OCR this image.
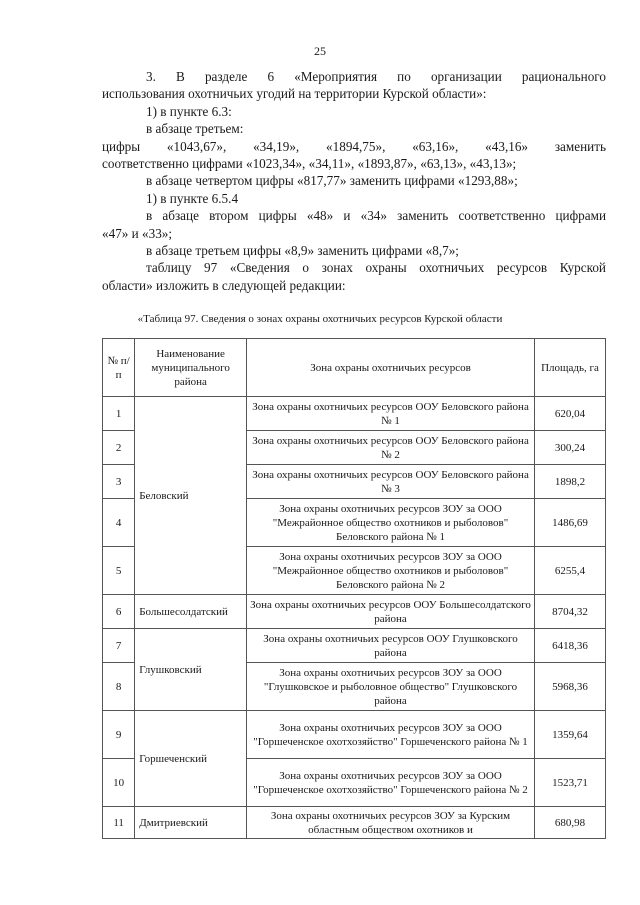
25

3. В разделе 6 «Мероприятия по организации рационального

использования охотничьих угодий на территории Курской области»:

1) в пункте 6.3:

в абзаце третьем:

цифры «1043,67», «34,19», «1894,75», «63,16», «43,16» заменить

соответственно цифрами «1023,34», «34,11», «1893,87», «63,13», «43,13»;

в абзаце четвертом цифры «817,77» заменить цифрами «1293,88»;

1) в пункте 6.5.4

в абзаце втором цифры «48» и «34» заменить соответственно цифрами

«47» и «33»;

в абзаце третьем цифры «8,9» заменить цифрами «8,7»;

таблицу 97 «Сведения о зонах охраны охотничьих ресурсов Курской

области» изложить в следующей редакции:

«Таблица 97. Сведения о зонах охраны охотничьих ресурсов Курской области
№ п/п	Наименование муниципального района	Зона охраны охотничьих ресурсов	Площадь, га
1	Беловский	Зона охраны охотничьих ресурсов ООУ Беловского района № 1	620,04
2		Зона охраны охотничьих ресурсов ООУ Беловского района № 2	300,24
3		Зона охраны охотничьих ресурсов ООУ Беловского района № 3	1898,2
4		Зона охраны охотничьих ресурсов ЗОУ за ООО "Межрайонное общество охотников и рыболовов" Беловского района № 1	1486,69
5		Зона охраны охотничьих ресурсов ЗОУ за ООО "Межрайонное общество охотников и рыболовов" Беловского района № 2	6255,4
6	Большесолдатский	Зона охраны охотничьих ресурсов ООУ Большесолдатского района	8704,32
7	Глушковский	Зона охраны охотничьих ресурсов ООУ Глушковского района	6418,36
8		Зона охраны охотничьих ресурсов ЗОУ за ООО "Глушковское и рыболовное общество" Глушковского района	5968,36
9	Горшеченский	Зона охраны охотничьих ресурсов ЗОУ за ООО "Горшеченское охотхозяйство" Горшеченского района № 1	1359,64
10		Зона охраны охотничьих ресурсов ЗОУ за ООО "Горшеченское охотхозяйство" Горшеченского района № 2	1523,71
11	Дмитриевский	Зона охраны охотничьих ресурсов ЗОУ за Курским областным обществом охотников и	680,98
